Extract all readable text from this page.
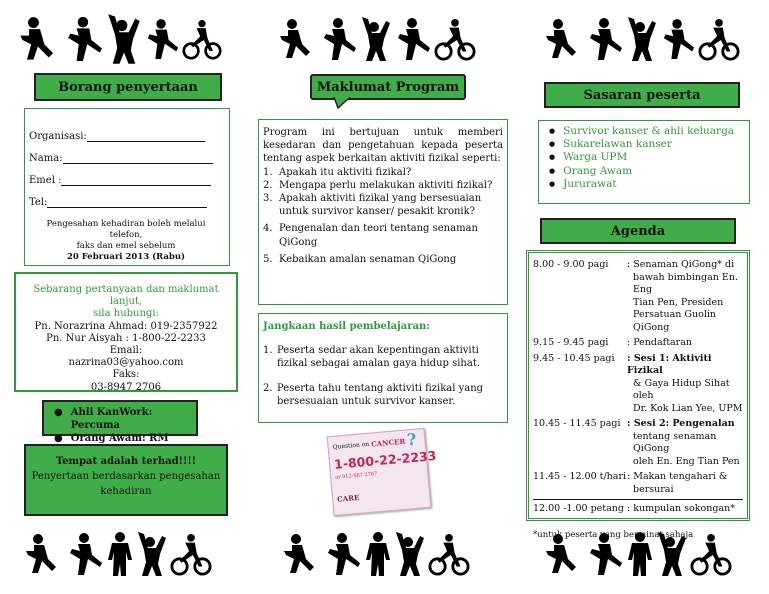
Borang penyertaan
Organisasi:
Nama:
Emel :
Tel:
Pengesahan kehadiran boleh melalui telefon,
faks dan emel sebelum
20 Februari 2013 (Rabu)
Sebarang pertanyaan dan maklumat lanjut,
sila hubungi:
Pn. Norazrina Ahmad: 019-2357922
Pn. Nur Aisyah : 1-800-22-2233
Email:
nazrina03@yahoo.com
Faks:
03-8947 2706
● Ahli KanWork: Percuma
● Orang Awam: RM
Tempat adalah terhad!!!!
Penyertaan berdasarkan pengesahan
kehadiran
Maklumat Program
Program ini bertujuan untuk memberi kesedaran dan pengetahuan kepada peserta tentang aspek berkaitan aktiviti fizikal seperti:
1. Apakah itu aktiviti fizikal?
2. Mengapa perlu melakukan aktiviti fizikal?
3. Apakah aktiviti fizikal yang bersesuaian untuk survivor kanser/ pesakit kronik?
4. Pengenalan dan teori tentang senaman QiGong
5. Kebaikan amalan senaman QiGong
Jangkaan hasil pembelajaran:
1. Peserta sedar akan kepentingan aktiviti fizikal sebagai amalan gaya hidup sihat.
2. Peserta tahu tentang aktiviti fizikal yang bersesuaian untuk survivor kanser.
Question on CANCER ?
1-800-22-2233
or 012-987 2767
CARE
Sasaran peserta
● Survivor kanser & ahli keluarga
● Sukarelawan kanser
● Warga UPM
● Orang Awam
● Jururawat
Agenda
8.00 - 9.00 pagi	: Senaman QiGong* di
bawah bimbingan En. Eng
Tian Pen, Presiden
Persatuan Guolin QiGong
9.15 - 9.45 pagi	: Pendaftaran
9.45 - 10.45 pagi	: Sesi 1: Aktiviti Fizikal
& Gaya Hidup Sihat oleh
Dr. Kok Lian Yee, UPM
10.45 - 11.45 pagi : Sesi 2: Pengenalan
tentang senaman QiGong
oleh En. Eng Tian Pen
11.45 - 12.00 t/hari : Makan tengahari &
bersurai
12.00 -1.00 petang : kumpulan sokongan*
*untuk peserta yang berminat sahaja
